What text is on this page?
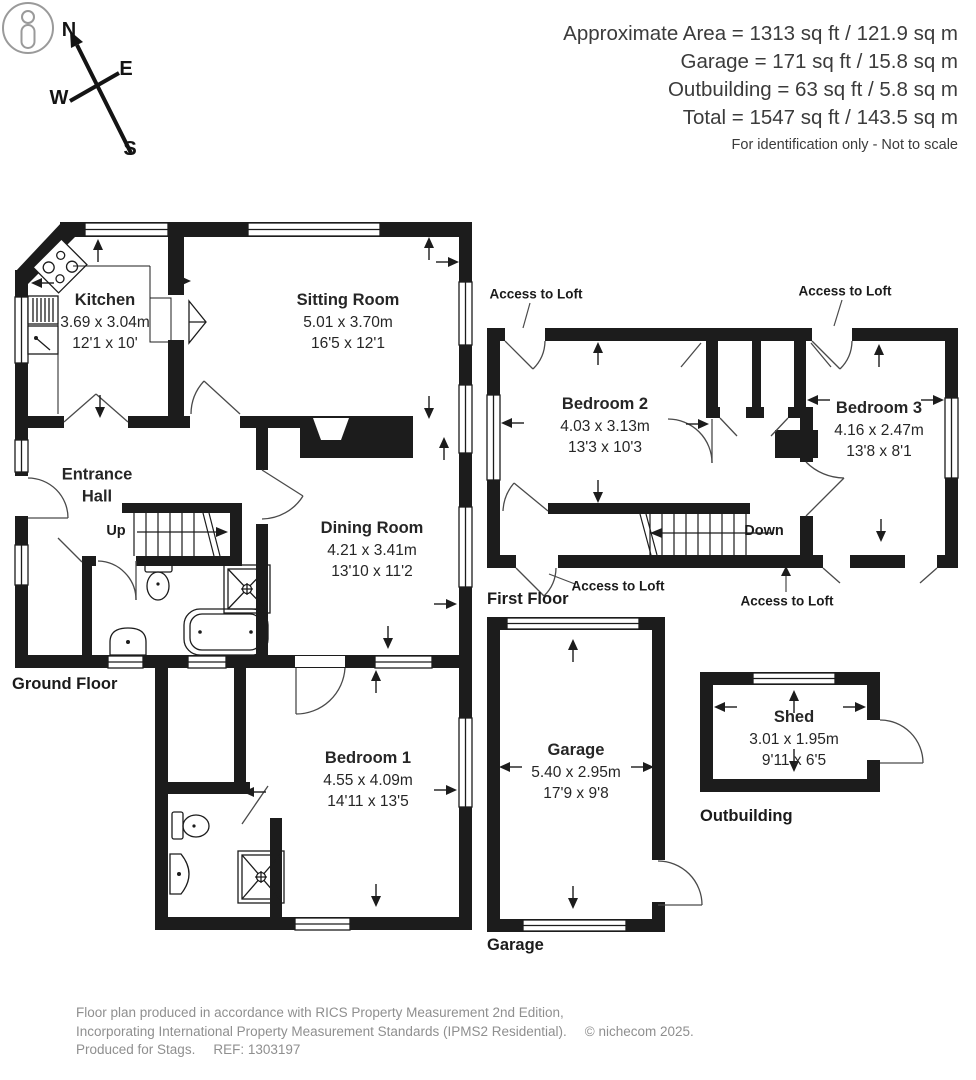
N
E
W
S
Approximate Area = 1313 sq ft / 121.9 sq m
Garage = 171 sq ft / 15.8 sq m
Outbuilding = 63 sq ft / 5.8 sq m
Total = 1547 sq ft / 143.5 sq m
For identification only - Not to scale
Kitchen
3.69 x 3.04m
12'1 x 10'
Sitting Room
5.01 x 3.70m
16'5 x 12'1
Entrance
Hall
Dining Room
4.21 x 3.41m
13'10 x 11'2
Bedroom 1
4.55 x 4.09m
14'11 x 13'5
Bedroom 2
4.03 x 3.13m
13'3 x 10'3
Bedroom 3
4.16 x 2.47m
13'8 x 8'1
Garage
5.40 x 2.95m
17'9 x 9'8
Shed
3.01 x 1.95m
9'11 x 6'5
Up	Down
Access to Loft	Access to Loft
Access to Loft
Access to Loft
Ground Floor
First Floor
Garage
Outbuilding
Floor plan produced in accordance with RICS Property Measurement 2nd Edition,
Incorporating International Property Measurement Standards (IPMS2 Residential). © nichecom 2025.
Produced for Stags. REF: 1303197
